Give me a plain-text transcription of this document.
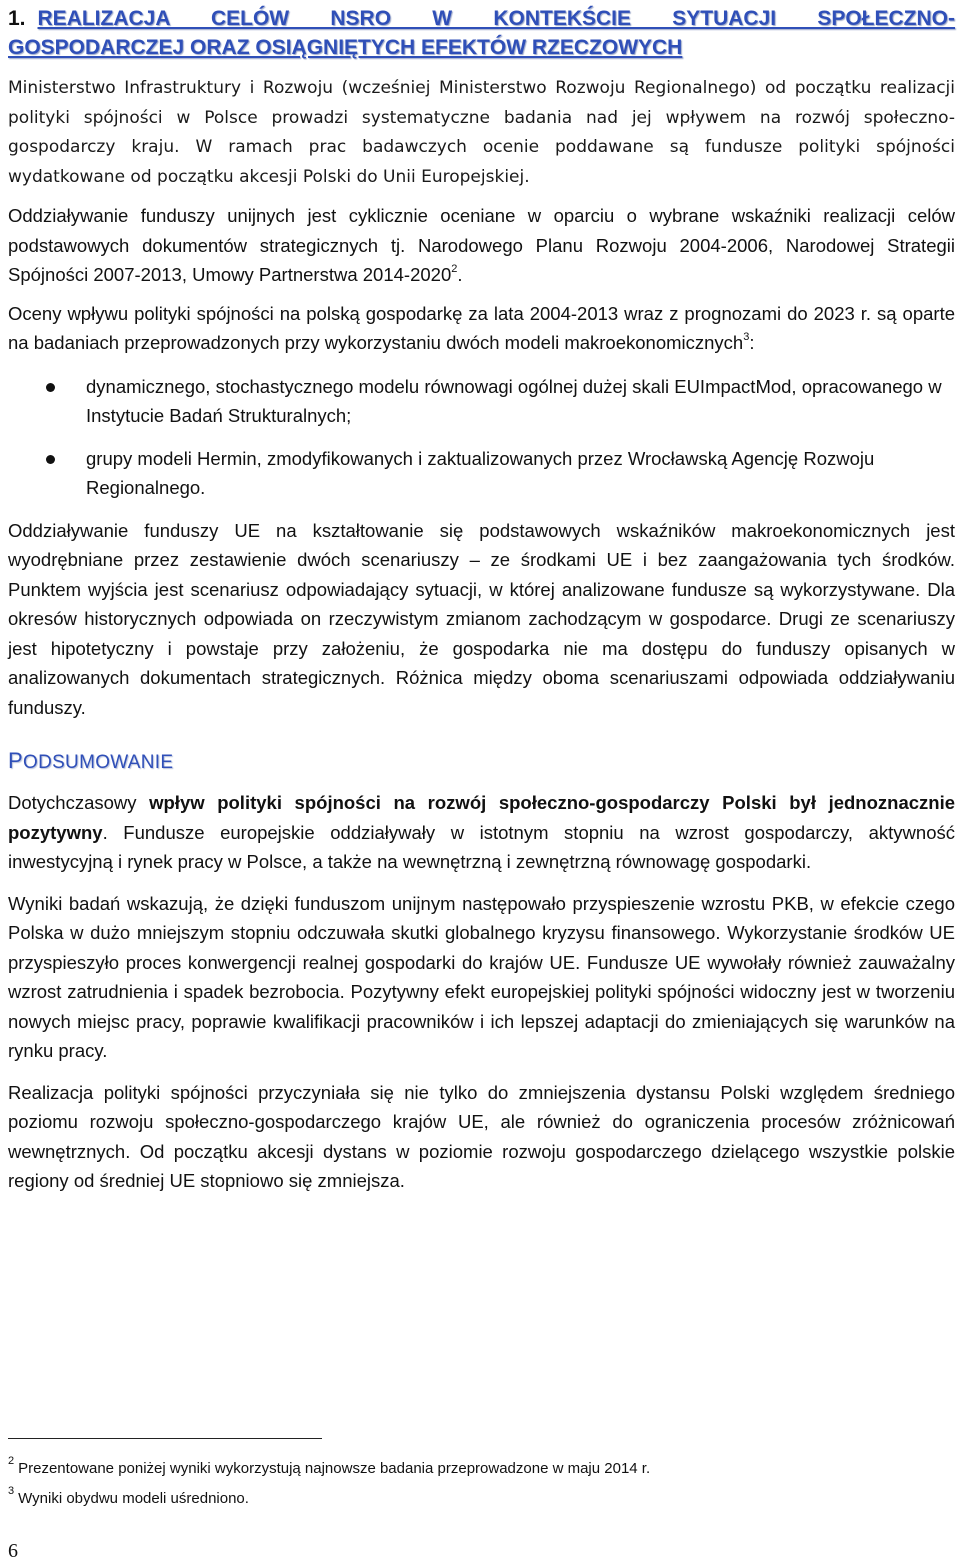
1. REALIZACJA CELÓW NSRO W KONTEKŚCIE SYTUACJI SPOŁECZNO-
GOSPODARCZEJ ORAZ OSIĄGNIĘTYCH EFEKTÓW RZECZOWYCH

Ministerstwo Infrastruktury i Rozwoju (wcześniej Ministerstwo Rozwoju Regionalnego) od początku realizacji polityki spójności w Polsce prowadzi systematyczne badania nad jej wpływem na rozwój społeczno-gospodarczy kraju. W ramach prac badawczych ocenie poddawane są fundusze polityki spójności wydatkowane od początku akcesji Polski do Unii Europejskiej.

Oddziaływanie funduszy unijnych jest cyklicznie oceniane w oparciu o wybrane wskaźniki realizacji celów podstawowych dokumentów strategicznych tj. Narodowego Planu Rozwoju 2004-2006, Narodowej Strategii Spójności 2007-2013, Umowy Partnerstwa 2014-2020$^2$.

Oceny wpływu polityki spójności na polską gospodarkę za lata 2004-2013 wraz z prognozami do 2023 r. są oparte na badaniach przeprowadzonych przy wykorzystaniu dwóch modeli makroekonomicznych$^3$:

dynamicznego, stochastycznego modelu równowagi ogólnej dużej skali EUImpactMod, opracowanego w Instytucie Badań Strukturalnych;
grupy modeli Hermin, zmodyfikowanych i zaktualizowanych przez Wrocławską Agencję Rozwoju Regionalnego.

Oddziaływanie funduszy UE na kształtowanie się podstawowych wskaźników makroekonomicznych jest wyodrębniane przez zestawienie dwóch scenariuszy – ze środkami UE i bez zaangażowania tych środków. Punktem wyjścia jest scenariusz odpowiadający sytuacji, w której analizowane fundusze są wykorzystywane. Dla okresów historycznych odpowiada on rzeczywistym zmianom zachodzącym w gospodarce. Drugi ze scenariuszy jest hipotetyczny i powstaje przy założeniu, że gospodarka nie ma dostępu do funduszy opisanych w analizowanych dokumentach strategicznych. Różnica między oboma scenariuszami odpowiada oddziaływaniu funduszy.

PODSUMOWANIE

Dotychczasowy wpływ polityki spójności na rozwój społeczno-gospodarczy Polski był jednoznacznie pozytywny. Fundusze europejskie oddziaływały w istotnym stopniu na wzrost gospodarczy, aktywność inwestycyjną i rynek pracy w Polsce, a także na wewnętrzną i zewnętrzną równowagę gospodarki.

Wyniki badań wskazują, że dzięki funduszom unijnym następowało przyspieszenie wzrostu PKB, w efekcie czego Polska w dużo mniejszym stopniu odczuwała skutki globalnego kryzysu finansowego. Wykorzystanie środków UE przyspieszyło proces konwergencji realnej gospodarki do krajów UE. Fundusze UE wywołały również zauważalny wzrost zatrudnienia i spadek bezrobocia. Pozytywny efekt europejskiej polityki spójności widoczny jest w tworzeniu nowych miejsc pracy, poprawie kwalifikacji pracowników i ich lepszej adaptacji do zmieniających się warunków na rynku pracy.

Realizacja polityki spójności przyczyniała się nie tylko do zmniejszenia dystansu Polski względem średniego poziomu rozwoju społeczno-gospodarczego krajów UE, ale również do ograniczenia procesów zróżnicowań wewnętrznych. Od początku akcesji dystans w poziomie rozwoju gospodarczego dzielącego wszystkie polskie regiony od średniej UE stopniowo się zmniejsza.

$^2$ Prezentowane poniżej wyniki wykorzystują najnowsze badania przeprowadzone w maju 2014 r.
$^3$ Wyniki obydwu modeli uśredniono.
6
